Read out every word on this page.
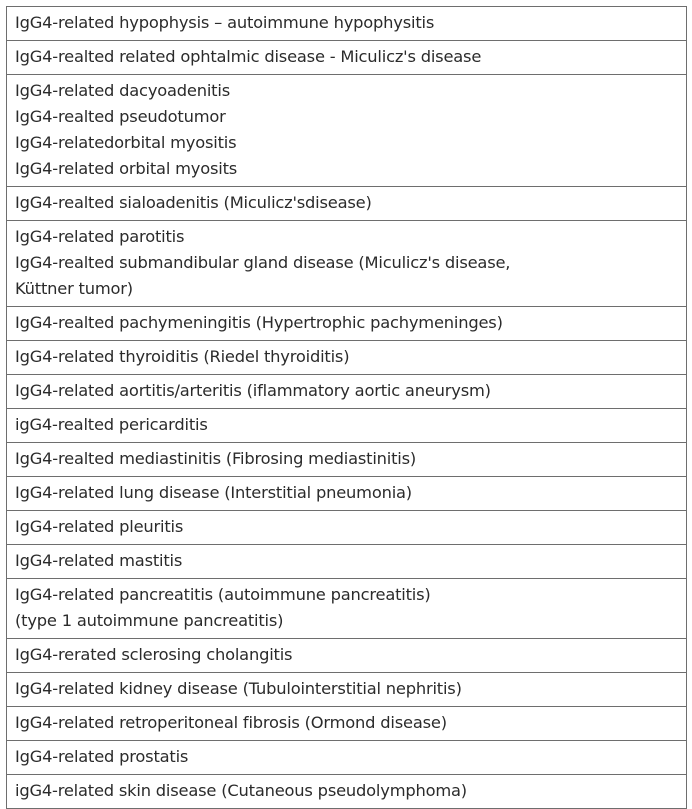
IgG4-related hypophysis – autoimmune hypophysitis

IgG4-realted related ophtalmic disease - Miculicz's disease

IgG4-related dacyoadenitis
IgG4-realted pseudotumor
IgG4-relatedorbital myositis
IgG4-related orbital myosits

IgG4-realted sialoadenitis (Miculicz'sdisease)

IgG4-related parotitis
IgG4-realted submandibular gland disease (Miculicz's disease,
Küttner tumor)

IgG4-realted pachymeningitis (Hypertrophic pachymeninges)

IgG4-related thyroiditis (Riedel thyroiditis)

IgG4-related aortitis/arteritis (iflammatory aortic aneurysm)

igG4-realted pericarditis

IgG4-realted mediastinitis (Fibrosing mediastinitis)

IgG4-related lung disease (Interstitial pneumonia)

IgG4-related pleuritis

IgG4-related mastitis

IgG4-related pancreatitis (autoimmune pancreatitis)
(type 1 autoimmune pancreatitis)

IgG4-rerated sclerosing cholangitis

IgG4-related kidney disease (Tubulointerstitial nephritis)

IgG4-related retroperitoneal fibrosis (Ormond disease)

IgG4-related prostatis

igG4-related skin disease (Cutaneous pseudolymphoma)
